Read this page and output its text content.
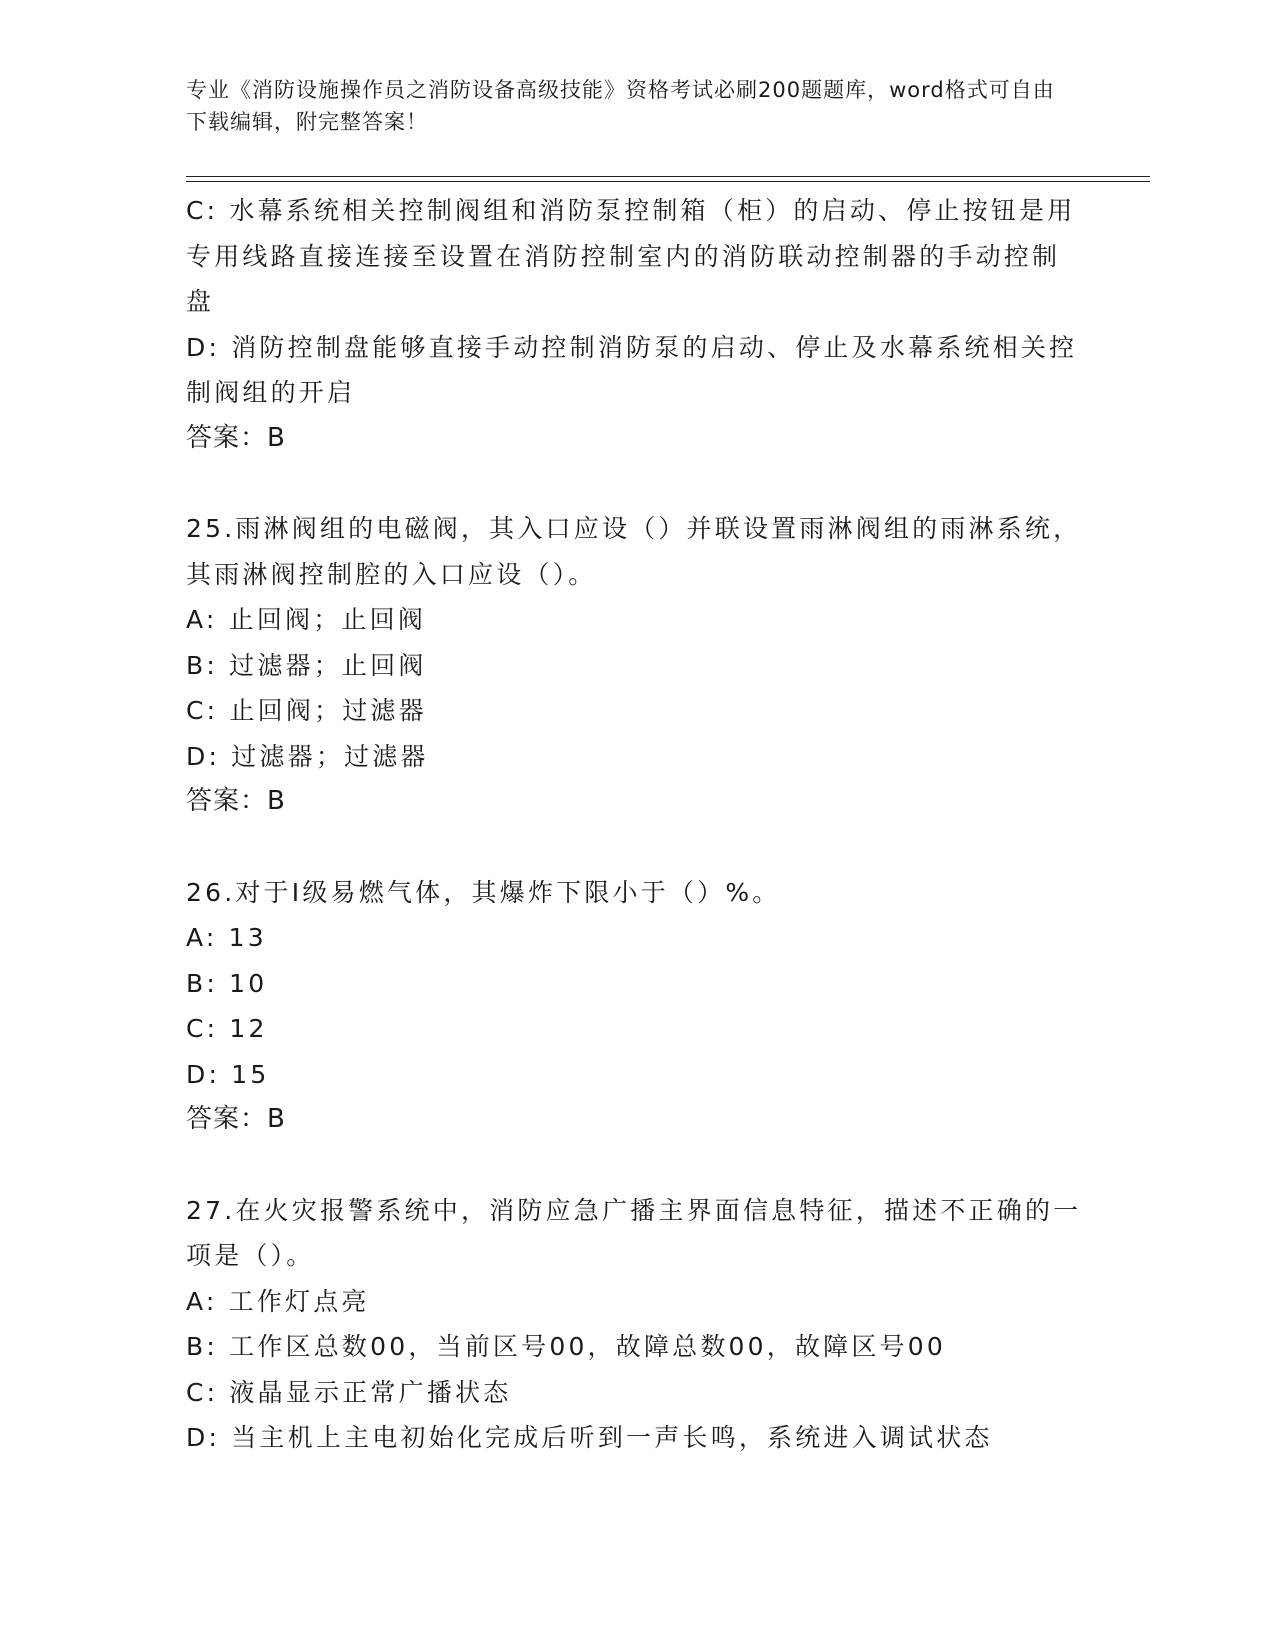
专业《消防设施操作员之消防设备高级技能》资格考试必刷200题题库，word格式可自由下载编辑，附完整答案！

C: 水幕系统相关控制阀组和消防泵控制箱（柜）的启动、停止按钮是用专用线路直接连接至设置在消防控制室内的消防联动控制器的手动控制盘

D: 消防控制盘能够直接手动控制消防泵的启动、停止及水幕系统相关控制阀组的开启

答案：B

25.雨淋阀组的电磁阀，其入口应设（）并联设置雨淋阀组的雨淋系统，其雨淋阀控制腔的入口应设（）。

A: 止回阀；止回阀

B: 过滤器；止回阀

C: 止回阀；过滤器

D: 过滤器；过滤器

答案：B

26.对于Ⅰ级易燃气体，其爆炸下限小于（）%。

A: 13

B: 10

C: 12

D: 15

答案：B

27.在火灾报警系统中，消防应急广播主界面信息特征，描述不正确的一项是（）。

A: 工作灯点亮

B: 工作区总数00，当前区号00，故障总数00，故障区号00

C: 液晶显示正常广播状态

D: 当主机上主电初始化完成后听到一声长鸣，系统进入调试状态
